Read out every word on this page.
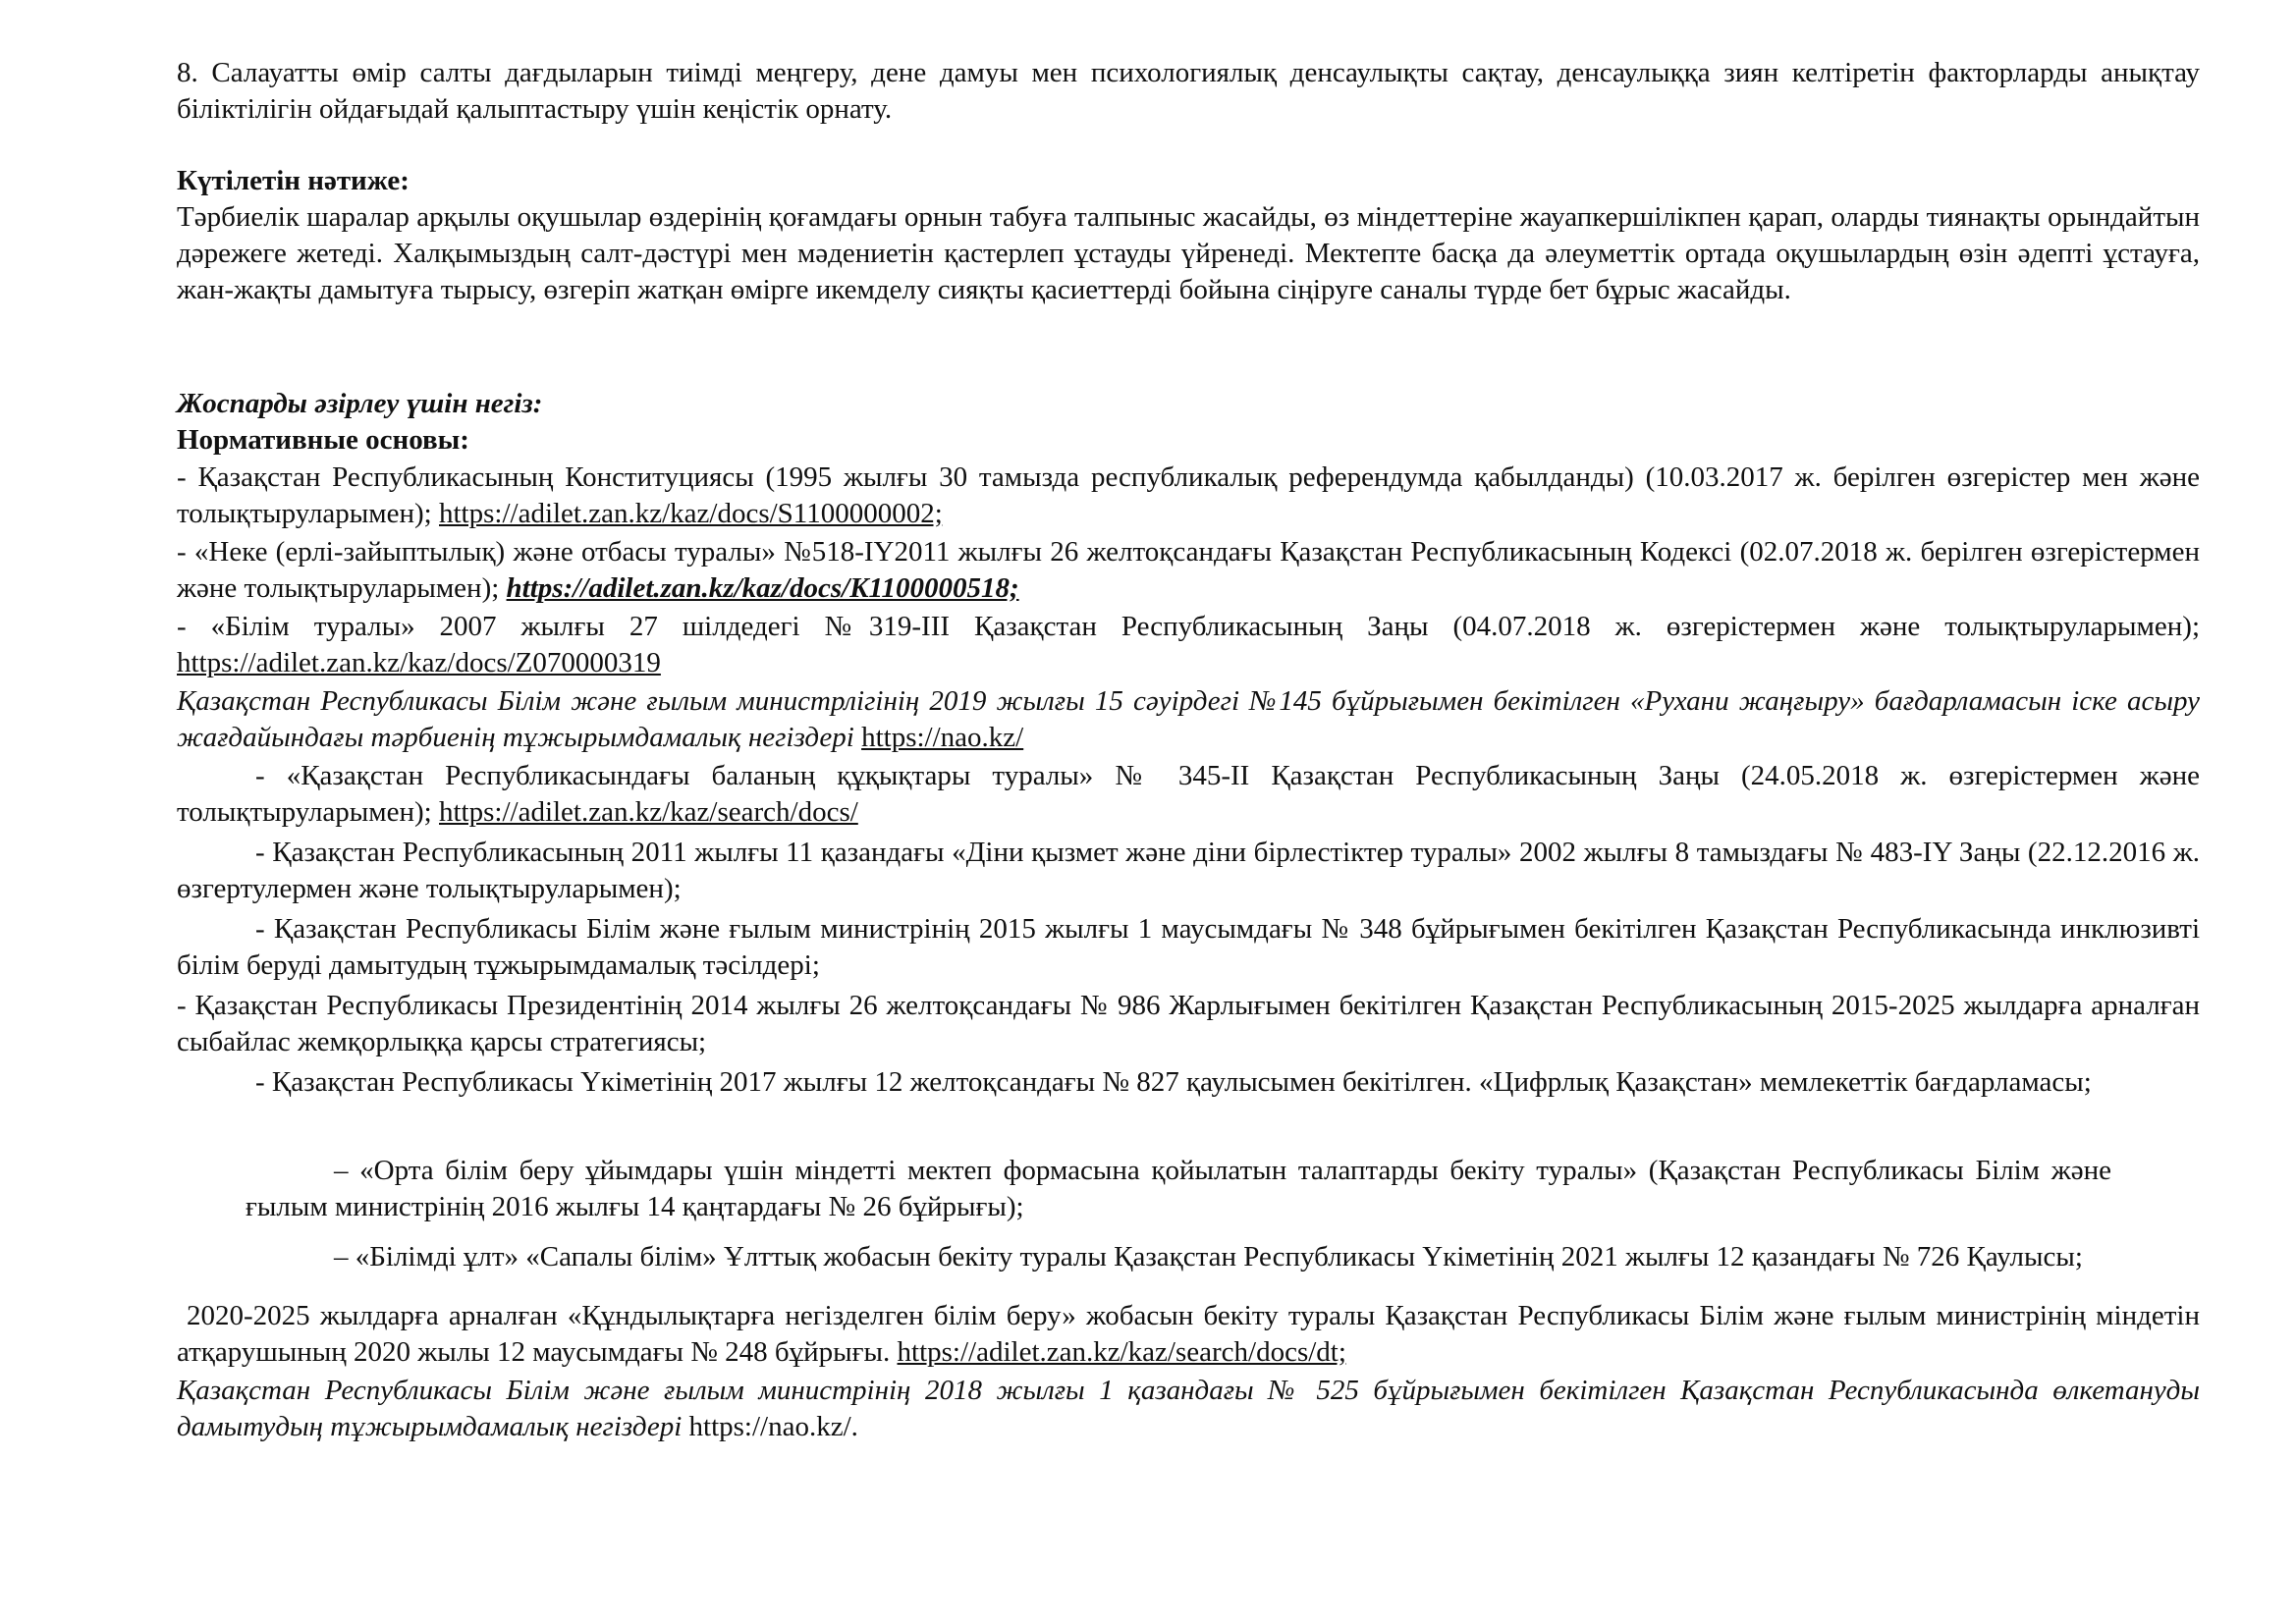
8. Салауатты өмір салты дағдыларын тиімді меңгеру, дене дамуы мен психологиялық денсаулықты сақтау, денсаулыққа зиян келтіретін факторларды анықтау біліктілігін ойдағыдай қалыптастыру үшін кеңістік орнату.

Күтілетін нәтиже:

Тәрбиелік шаралар арқылы оқушылар өздерінің қоғамдағы орнын табуға талпыныс жасайды, өз міндеттеріне жауапкершілікпен қарап, оларды тиянақты орындайтын дәрежеге жетеді. Халқымыздың салт-дәстүрі мен мәдениетін қастерлеп ұстауды үйренеді. Мектепте басқа да әлеуметтік ортада оқушылардың өзін әдепті ұстауға, жан-жақты дамытуға тырысу, өзгеріп жатқан өмірге икемделу сияқты қасиеттерді бойына сіңіруге саналы түрде бет бұрыс жасайды.

Жоспарды әзірлеу үшін негіз:

Нормативные основы:

- Қазақстан Республикасының Конституциясы (1995 жылғы 30 тамызда республикалық референдумда қабылданды) (10.03.2017 ж. берілген өзгерістер мен және толықтыруларымен); https://adilet.zan.kz/kaz/docs/S1100000002;

- «Неке (ерлі-зайыптылық) және отбасы туралы» №518-IY2011 жылғы 26 желтоқсандағы Қазақстан Республикасының Кодексі (02.07.2018 ж. берілген өзгерістермен және толықтыруларымен); https://adilet.zan.kz/kaz/docs/K1100000518;

- «Білім туралы» 2007 жылғы 27 шілдедегі №319-III Қазақстан Республикасының Заңы (04.07.2018 ж. өзгерістермен және толықтыруларымен); https://adilet.zan.kz/kaz/docs/Z070000319

Қазақстан Республикасы Білім және ғылым министрлігінің 2019 жылғы 15 сәуірдегі №145 бұйрығымен бекітілген «Рухани жаңғыру» бағдарламасын іске асыру жағдайындағы тәрбиенің тұжырымдамалық негіздері https://nao.kz/

- «Қазақстан Республикасындағы баланың құқықтары туралы» № 345-II Қазақстан Республикасының Заңы (24.05.2018 ж. өзгерістермен және толықтыруларымен); https://adilet.zan.kz/kaz/search/docs/

- Қазақстан Республикасының 2011 жылғы 11 қазандағы «Діни қызмет және діни бірлестіктер туралы» 2002 жылғы 8 тамыздағы № 483-IY Заңы (22.12.2016 ж. өзгертулермен және толықтыруларымен);

- Қазақстан Республикасы Білім және ғылым министрінің 2015 жылғы 1 маусымдағы № 348 бұйрығымен бекітілген Қазақстан Республикасында инклюзивті білім беруді дамытудың тұжырымдамалық тәсілдері;

- Қазақстан Республикасы Президентінің 2014 жылғы 26 желтоқсандағы № 986 Жарлығымен бекітілген Қазақстан Республикасының 2015-2025 жылдарға арналған сыбайлас жемқорлыққа қарсы стратегиясы;

- Қазақстан Республикасы Үкіметінің 2017 жылғы 12 желтоқсандағы № 827 қаулысымен бекітілген. «Цифрлық Қазақстан» мемлекеттік бағдарламасы;

– «Орта білім беру ұйымдары үшін міндетті мектеп формасына қойылатын талаптарды бекіту туралы» (Қазақстан Республикасы Білім және ғылым министрінің 2016 жылғы 14 қаңтардағы № 26 бұйрығы);

– «Білімді ұлт» «Сапалы білім» Ұлттық жобасын бекіту туралы Қазақстан Республикасы Үкіметінің 2021 жылғы 12 қазандағы № 726 Қаулысы;

2020-2025 жылдарға арналған «Құндылықтарға негізделген білім беру» жобасын бекіту туралы Қазақстан Республикасы Білім және ғылым министрінің міндетін атқарушының 2020 жылы 12 маусымдағы № 248 бұйрығы. https://adilet.zan.kz/kaz/search/docs/dt;

Қазақстан Республикасы Білім және ғылым министрінің 2018 жылғы 1 қазандағы № 525 бұйрығымен бекітілген Қазақстан Республикасында өлкетануды дамытудың тұжырымдамалық негіздері https://nao.kz/.
